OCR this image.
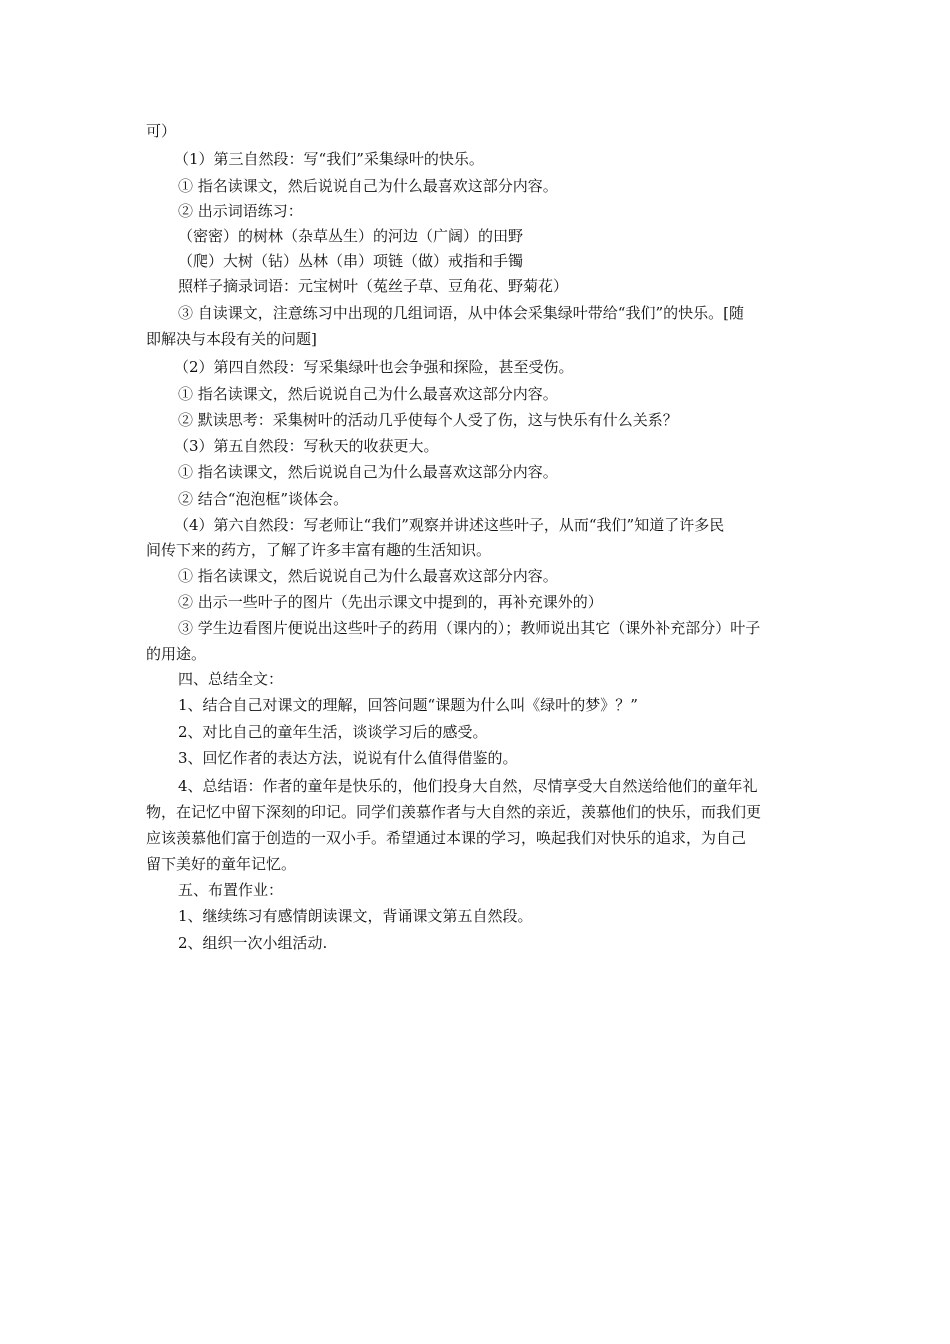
可）
（1）第三自然段：写“我们”采集绿叶的快乐。
① 指名读课文，然后说说自己为什么最喜欢这部分内容。
② 出示词语练习：
（密密）的树林（杂草丛生）的河边（广阔）的田野
（爬）大树（钻）丛林（串）项链（做）戒指和手镯
照样子摘录词语：元宝树叶（菟丝子草、豆角花、野菊花）
③ 自读课文，注意练习中出现的几组词语，从中体会采集绿叶带给“我们”的快乐。[随
即解决与本段有关的问题]
（2）第四自然段：写采集绿叶也会争强和探险，甚至受伤。
① 指名读课文，然后说说自己为什么最喜欢这部分内容。
② 默读思考：采集树叶的活动几乎使每个人受了伤，这与快乐有什么关系？
（3）第五自然段：写秋天的收获更大。
① 指名读课文，然后说说自己为什么最喜欢这部分内容。
② 结合“泡泡框”谈体会。
（4）第六自然段：写老师让“我们”观察并讲述这些叶子，从而“我们”知道了许多民
间传下来的药方，了解了许多丰富有趣的生活知识。
① 指名读课文，然后说说自己为什么最喜欢这部分内容。
② 出示一些叶子的图片（先出示课文中提到的，再补充课外的）
③ 学生边看图片便说出这些叶子的药用（课内的）；教师说出其它（课外补充部分）叶子
的用途。
四、总结全文：
1、结合自己对课文的理解，回答问题“课题为什么叫《绿叶的梦》？”
2、对比自己的童年生活，谈谈学习后的感受。
3、回忆作者的表达方法，说说有什么值得借鉴的。
4、总结语：作者的童年是快乐的，他们投身大自然，尽情享受大自然送给他们的童年礼
物，在记忆中留下深刻的印记。同学们羡慕作者与大自然的亲近，羡慕他们的快乐，而我们更
应该羡慕他们富于创造的一双小手。希望通过本课的学习，唤起我们对快乐的追求，为自己
留下美好的童年记忆。
五、布置作业：
1、继续练习有感情朗读课文，背诵课文第五自然段。
2、组织一次小组活动.
